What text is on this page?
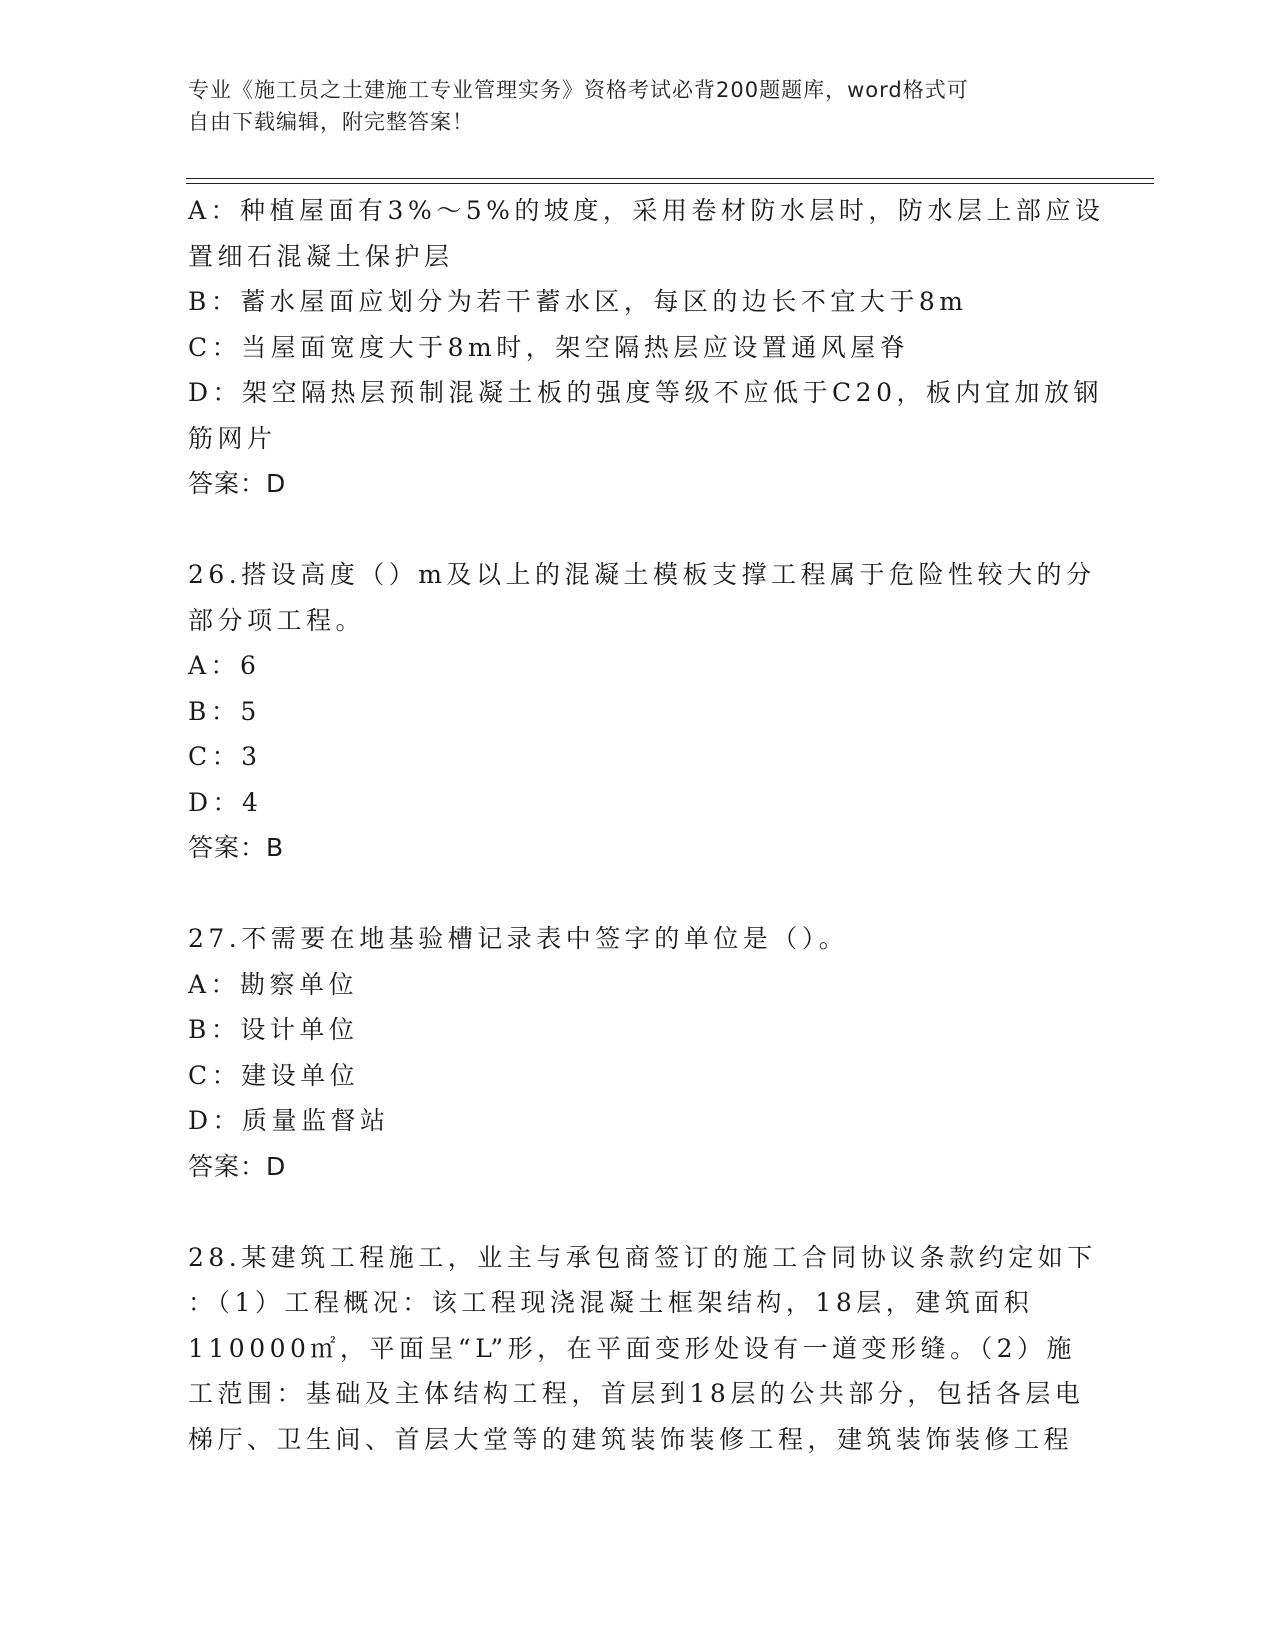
专业《施工员之土建施工专业管理实务》资格考试必背200题题库，word格式可
自由下载编辑，附完整答案！
A：种植屋面有3%～5%的坡度，采用卷材防水层时，防水层上部应设
置细石混凝土保护层
B：蓄水屋面应划分为若干蓄水区，每区的边长不宜大于8m
C：当屋面宽度大于8m时，架空隔热层应设置通风屋脊
D：架空隔热层预制混凝土板的强度等级不应低于C20，板内宜加放钢
筋网片
答案：D
26.搭设高度（）m及以上的混凝土模板支撑工程属于危险性较大的分
部分项工程。
A：6
B：5
C：3
D：4
答案：B
27.不需要在地基验槽记录表中签字的单位是（）。
A：勘察单位
B：设计单位
C：建设单位
D：质量监督站
答案：D
28.某建筑工程施工，业主与承包商签订的施工合同协议条款约定如下
：（1）工程概况：该工程现浇混凝土框架结构，18层，建筑面积
110000㎡，平面呈“L”形，在平面变形处设有一道变形缝。（2）施
工范围：基础及主体结构工程，首层到18层的公共部分，包括各层电
梯厅、卫生间、首层大堂等的建筑装饰装修工程，建筑装饰装修工程
